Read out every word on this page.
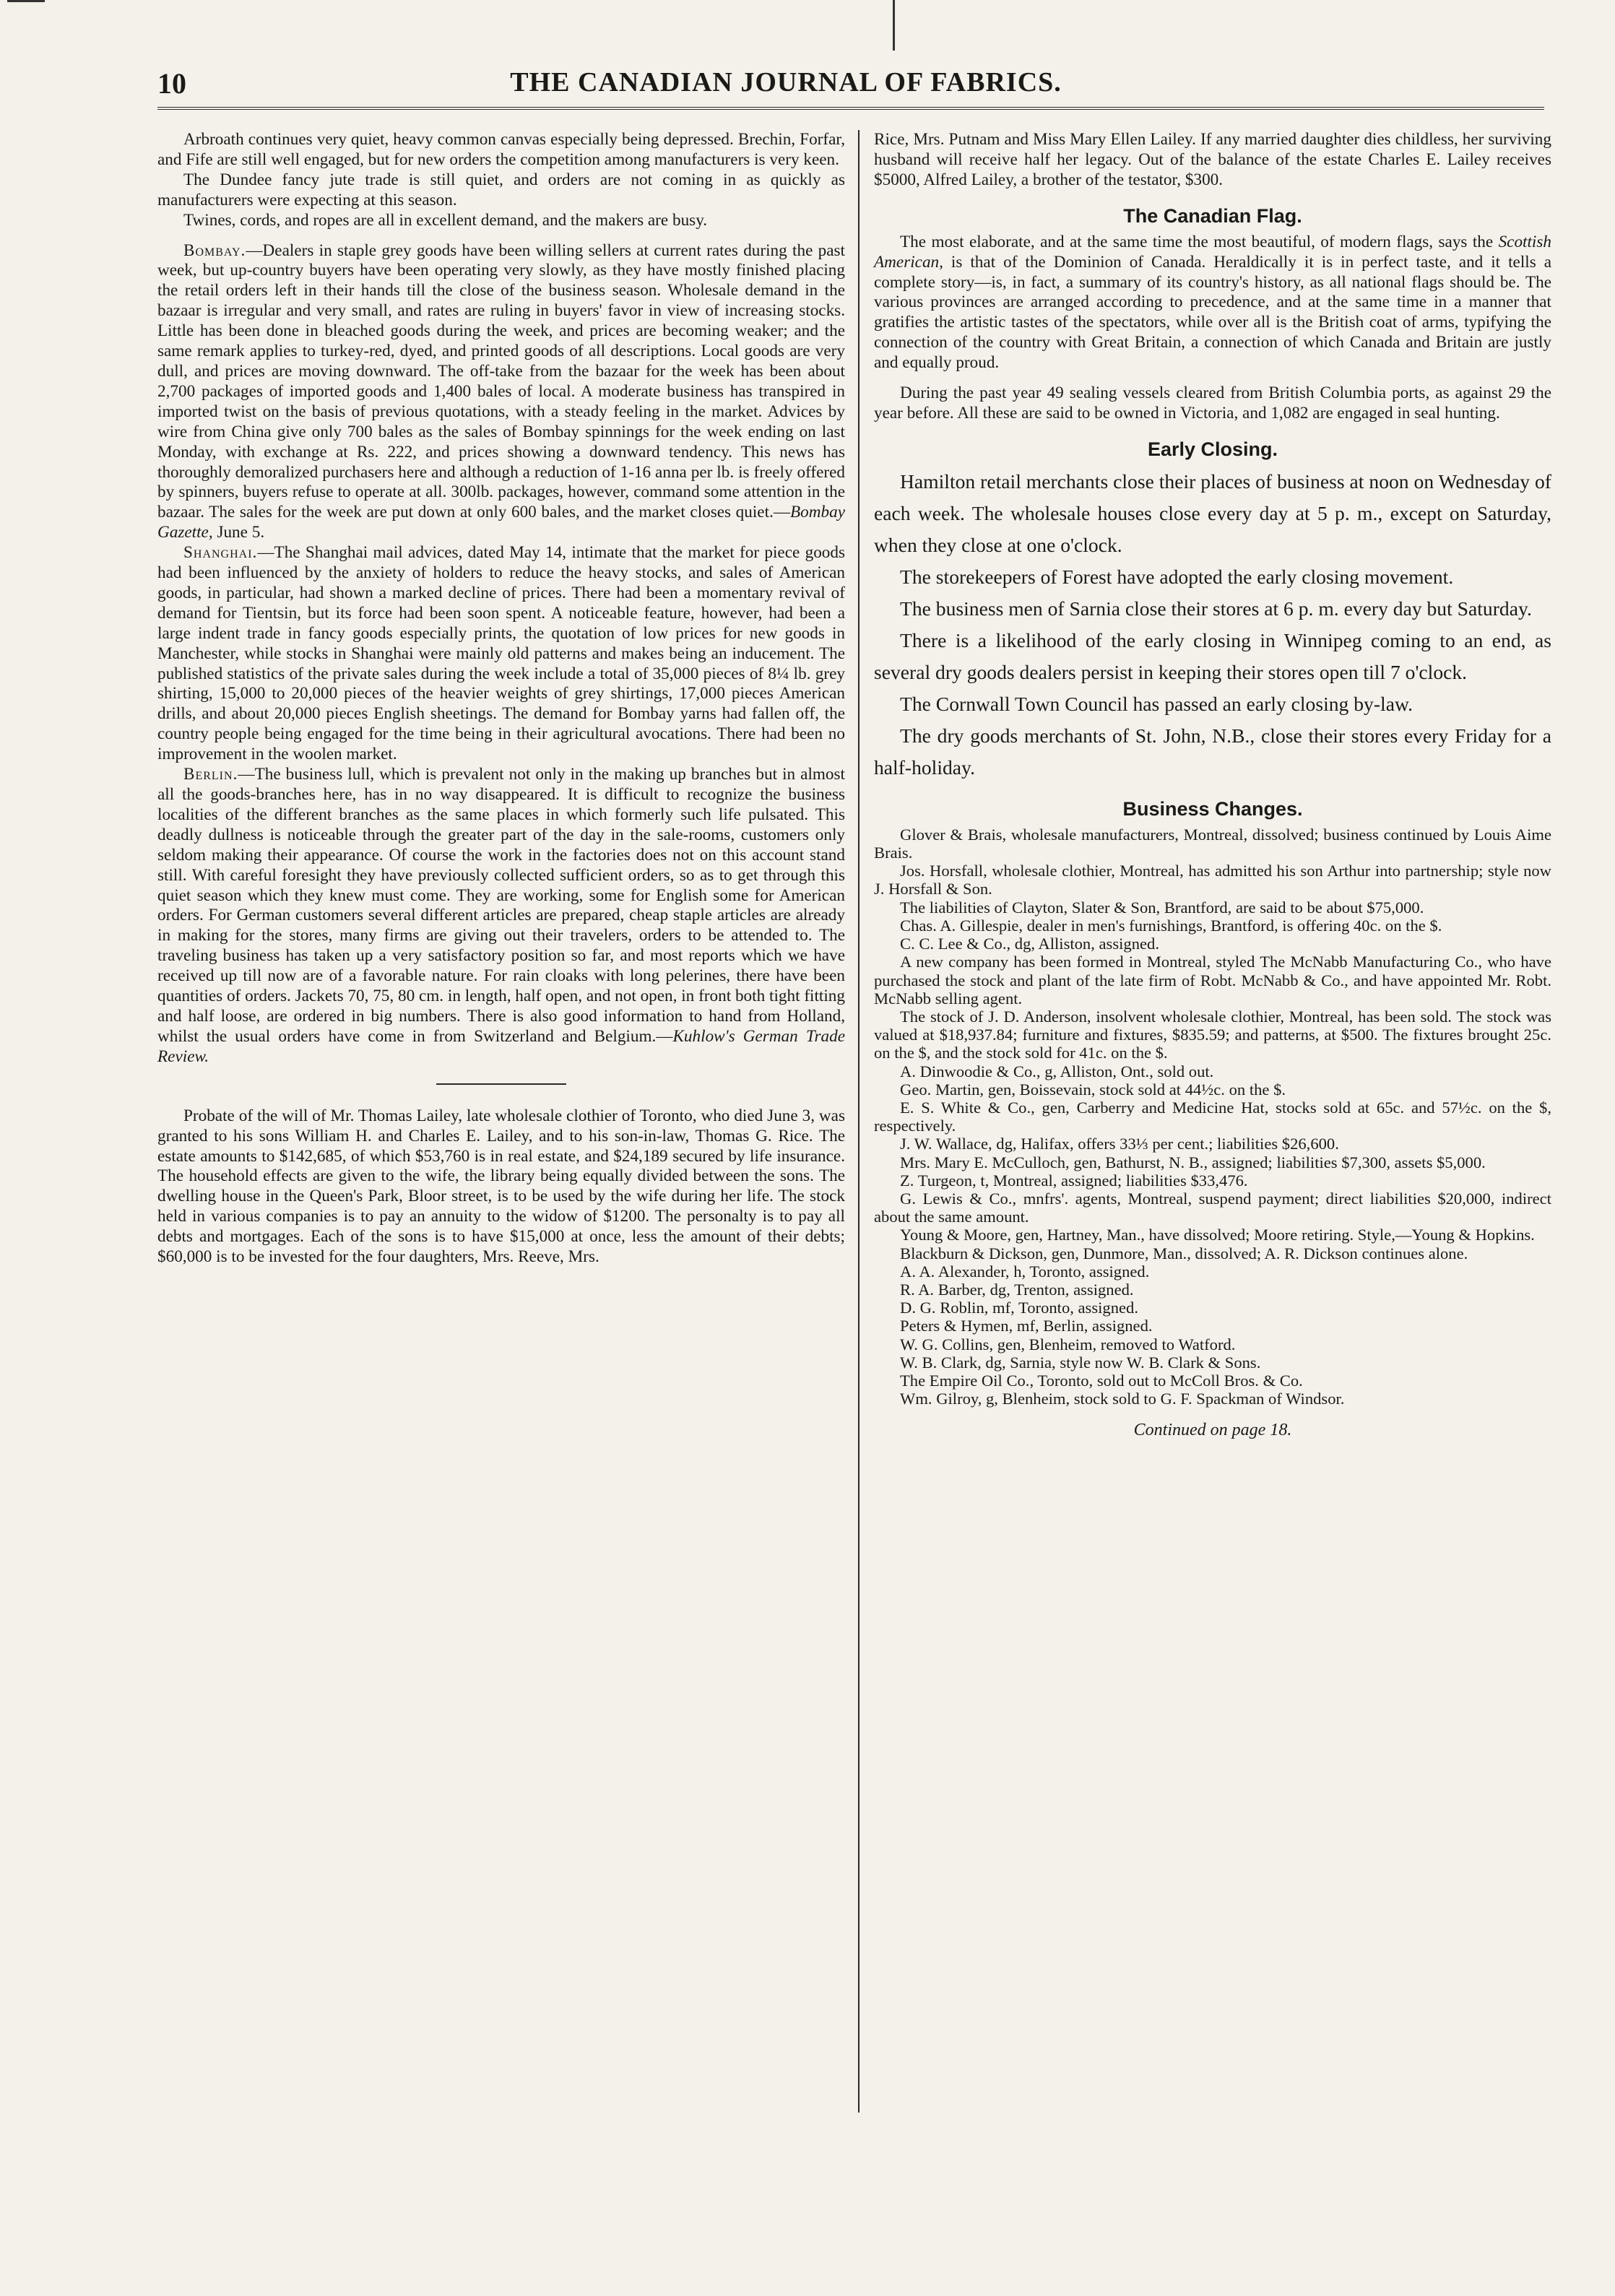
10	THE CANADIAN JOURNAL OF FABRICS.

Arbroath continues very quiet, heavy common canvas especially being depressed. Brechin, Forfar, and Fife are still well engaged, but for new orders the competition among manufacturers is very keen.

The Dundee fancy jute trade is still quiet, and orders are not coming in as quickly as manufacturers were expecting at this season.

Twines, cords, and ropes are all in excellent demand, and the makers are busy.

Bombay.—Dealers in staple grey goods have been willing sellers at current rates during the past week, but up-country buyers have been operating very slowly, as they have mostly finished placing the retail orders left in their hands till the close of the business season. Wholesale demand in the bazaar is irregular and very small, and rates are ruling in buyers' favor in view of increasing stocks. Little has been done in bleached goods during the week, and prices are becoming weaker; and the same remark applies to turkey-red, dyed, and printed goods of all descriptions. Local goods are very dull, and prices are moving downward. The off-take from the bazaar for the week has been about 2,700 packages of imported goods and 1,400 bales of local. A moderate business has transpired in imported twist on the basis of previous quotations, with a steady feeling in the market. Advices by wire from China give only 700 bales as the sales of Bombay spinnings for the week ending on last Monday, with exchange at Rs. 222, and prices showing a downward tendency. This news has thoroughly demoralized purchasers here and although a reduction of 1-16 anna per lb. is freely offered by spinners, buyers refuse to operate at all. 300lb. packages, however, command some attention in the bazaar. The sales for the week are put down at only 600 bales, and the market closes quiet.—Bombay Gazette, June 5.

Shanghai.—The Shanghai mail advices, dated May 14, intimate that the market for piece goods had been influenced by the anxiety of holders to reduce the heavy stocks, and sales of American goods, in particular, had shown a marked decline of prices. There had been a momentary revival of demand for Tientsin, but its force had been soon spent. A noticeable feature, however, had been a large indent trade in fancy goods especially prints, the quotation of low prices for new goods in Manchester, while stocks in Shanghai were mainly old patterns and makes being an inducement. The published statistics of the private sales during the week include a total of 35,000 pieces of 8¼ lb. grey shirting, 15,000 to 20,000 pieces of the heavier weights of grey shirtings, 17,000 pieces American drills, and about 20,000 pieces English sheetings. The demand for Bombay yarns had fallen off, the country people being engaged for the time being in their agricultural avocations. There had been no improvement in the woolen market.

Berlin.—The business lull, which is prevalent not only in the making up branches but in almost all the goods-branches here, has in no way disappeared. It is difficult to recognize the business localities of the different branches as the same places in which formerly such life pulsated. This deadly dullness is noticeable through the greater part of the day in the sale-rooms, customers only seldom making their appearance. Of course the work in the factories does not on this account stand still. With careful foresight they have previously collected sufficient orders, so as to get through this quiet season which they knew must come. They are working, some for English some for American orders. For German customers several different articles are prepared, cheap staple articles are already in making for the stores, many firms are giving out their travelers, orders to be attended to. The traveling business has taken up a very satisfactory position so far, and most reports which we have received up till now are of a favorable nature. For rain cloaks with long pelerines, there have been quantities of orders. Jackets 70, 75, 80 cm. in length, half open, and not open, in front both tight fitting and half loose, are ordered in big numbers. There is also good information to hand from Holland, whilst the usual orders have come in from Switzerland and Belgium.—Kuhlow's German Trade Review.

Probate of the will of Mr. Thomas Lailey, late wholesale clothier of Toronto, who died June 3, was granted to his sons William H. and Charles E. Lailey, and to his son-in-law, Thomas G. Rice. The estate amounts to $142,685, of which $53,760 is in real estate, and $24,189 secured by life insurance. The household effects are given to the wife, the library being equally divided between the sons. The dwelling house in the Queen's Park, Bloor street, is to be used by the wife during her life. The stock held in various companies is to pay an annuity to the widow of $1200. The personalty is to pay all debts and mortgages. Each of the sons is to have $15,000 at once, less the amount of their debts; $60,000 is to be invested for the four daughters, Mrs. Reeve, Mrs.

Rice, Mrs. Putnam and Miss Mary Ellen Lailey. If any married daughter dies childless, her surviving husband will receive half her legacy. Out of the balance of the estate Charles E. Lailey receives $5000, Alfred Lailey, a brother of the testator, $300.

The Canadian Flag.

The most elaborate, and at the same time the most beautiful, of modern flags, says the Scottish American, is that of the Dominion of Canada. Heraldically it is in perfect taste, and it tells a complete story—is, in fact, a summary of its country's history, as all national flags should be. The various provinces are arranged according to precedence, and at the same time in a manner that gratifies the artistic tastes of the spectators, while over all is the British coat of arms, typifying the connection of the country with Great Britain, a connection of which Canada and Britain are justly and equally proud.

During the past year 49 sealing vessels cleared from British Columbia ports, as against 29 the year before. All these are said to be owned in Victoria, and 1,082 are engaged in seal hunting.

Early Closing.

Hamilton retail merchants close their places of business at noon on Wednesday of each week. The wholesale houses close every day at 5 p. m., except on Saturday, when they close at one o'clock.

The storekeepers of Forest have adopted the early closing movement.

The business men of Sarnia close their stores at 6 p. m. every day but Saturday.

There is a likelihood of the early closing in Winnipeg coming to an end, as several dry goods dealers persist in keeping their stores open till 7 o'clock.

The Cornwall Town Council has passed an early closing by-law.

The dry goods merchants of St. John, N.B., close their stores every Friday for a half-holiday.

Business Changes.

Glover & Brais, wholesale manufacturers, Montreal, dissolved; business continued by Louis Aime Brais.

Jos. Horsfall, wholesale clothier, Montreal, has admitted his son Arthur into partnership; style now J. Horsfall & Son.

The liabilities of Clayton, Slater & Son, Brantford, are said to be about $75,000.

Chas. A. Gillespie, dealer in men's furnishings, Brantford, is offering 40c. on the $.

C. C. Lee & Co., dg, Alliston, assigned.

A new company has been formed in Montreal, styled The McNabb Manufacturing Co., who have purchased the stock and plant of the late firm of Robt. McNabb & Co., and have appointed Mr. Robt. McNabb selling agent.

The stock of J. D. Anderson, insolvent wholesale clothier, Montreal, has been sold. The stock was valued at $18,937.84; furniture and fixtures, $835.59; and patterns, at $500. The fixtures brought 25c. on the $, and the stock sold for 41c. on the $.

A. Dinwoodie & Co., g, Alliston, Ont., sold out.

Geo. Martin, gen, Boissevain, stock sold at 44½c. on the $.

E. S. White & Co., gen, Carberry and Medicine Hat, stocks sold at 65c. and 57½c. on the $, respectively.

J. W. Wallace, dg, Halifax, offers 33⅓ per cent.; liabilities $26,600.

Mrs. Mary E. McCulloch, gen, Bathurst, N. B., assigned; liabilities $7,300, assets $5,000.

Z. Turgeon, t, Montreal, assigned; liabilities $33,476.

G. Lewis & Co., mnfrs'. agents, Montreal, suspend payment; direct liabilities $20,000, indirect about the same amount.

Young & Moore, gen, Hartney, Man., have dissolved; Moore retiring. Style,—Young & Hopkins.

Blackburn & Dickson, gen, Dunmore, Man., dissolved; A. R. Dickson continues alone.

A. A. Alexander, h, Toronto, assigned.

R. A. Barber, dg, Trenton, assigned.

D. G. Roblin, mf, Toronto, assigned.

Peters & Hymen, mf, Berlin, assigned.

W. G. Collins, gen, Blenheim, removed to Watford.

W. B. Clark, dg, Sarnia, style now W. B. Clark & Sons.

The Empire Oil Co., Toronto, sold out to McColl Bros. & Co.

Wm. Gilroy, g, Blenheim, stock sold to G. F. Spackman of Windsor.

Continued on page 18.
